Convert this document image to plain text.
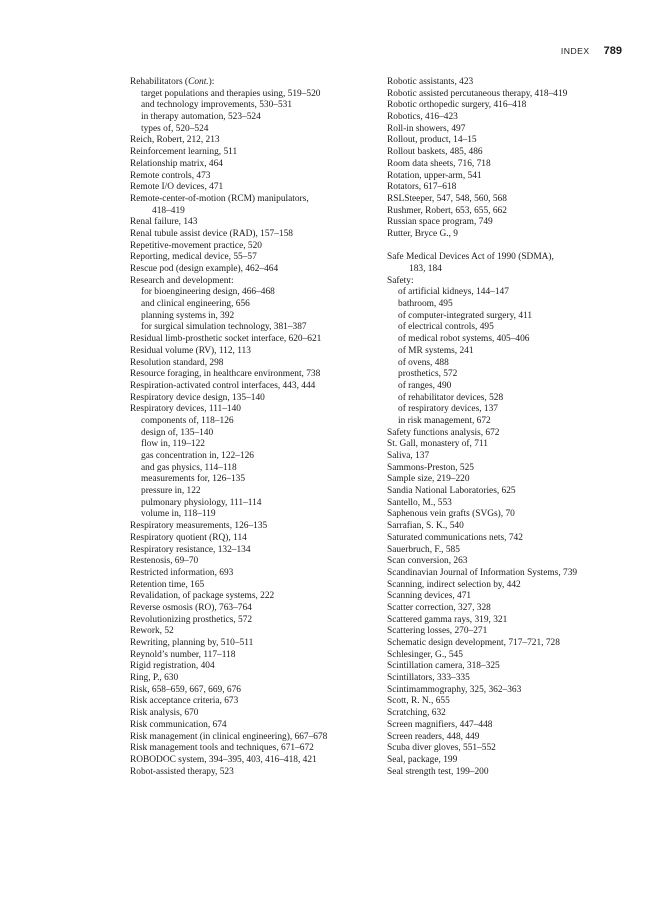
INDEX 789
Rehabilitators (Cont.):
target populations and therapies using, 519–520
and technology improvements, 530–531
in therapy automation, 523–524
types of, 520–524
Reich, Robert, 212, 213
Reinforcement learning, 511
Relationship matrix, 464
Remote controls, 473
Remote I/O devices, 471
Remote-center-of-motion (RCM) manipulators,
418–419
Renal failure, 143
Renal tubule assist device (RAD), 157–158
Repetitive-movement practice, 520
Reporting, medical device, 55–57
Rescue pod (design example), 462–464
Research and development:
for bioengineering design, 466–468
and clinical engineering, 656
planning systems in, 392
for surgical simulation technology, 381–387
Residual limb-prosthetic socket interface, 620–621
Residual volume (RV), 112, 113
Resolution standard, 298
Resource foraging, in healthcare environment, 738
Respiration-activated control interfaces, 443, 444
Respiratory device design, 135–140
Respiratory devices, 111–140
components of, 118–126
design of, 135–140
flow in, 119–122
gas concentration in, 122–126
and gas physics, 114–118
measurements for, 126–135
pressure in, 122
pulmonary physiology, 111–114
volume in, 118–119
Respiratory measurements, 126–135
Respiratory quotient (RQ), 114
Respiratory resistance, 132–134
Restenosis, 69–70
Restricted information, 693
Retention time, 165
Revalidation, of package systems, 222
Reverse osmosis (RO), 763–764
Revolutionizing prosthetics, 572
Rework, 52
Rewriting, planning by, 510–511
Reynold’s number, 117–118
Rigid registration, 404
Ring, P., 630
Risk, 658–659, 667, 669, 676
Risk acceptance criteria, 673
Risk analysis, 670
Risk communication, 674
Risk management (in clinical engineering), 667–678
Risk management tools and techniques, 671–672
ROBODOC system, 394–395, 403, 416–418, 421
Robot-assisted therapy, 523
Robotic assistants, 423
Robotic assisted percutaneous therapy, 418–419
Robotic orthopedic surgery, 416–418
Robotics, 416–423
Roll-in showers, 497
Rollout, product, 14–15
Rollout baskets, 485, 486
Room data sheets, 716, 718
Rotation, upper-arm, 541
Rotators, 617–618
RSLSteeper, 547, 548, 560, 568
Rushmer, Robert, 653, 655, 662
Russian space program, 749
Rutter, Bryce G., 9
Safe Medical Devices Act of 1990 (SDMA),
183, 184
Safety:
of artificial kidneys, 144–147
bathroom, 495
of computer-integrated surgery, 411
of electrical controls, 495
of medical robot systems, 405–406
of MR systems, 241
of ovens, 488
prosthetics, 572
of ranges, 490
of rehabilitator devices, 528
of respiratory devices, 137
in risk management, 672
Safety functions analysis, 672
St. Gall, monastery of, 711
Saliva, 137
Sammons-Preston, 525
Sample size, 219–220
Sandia National Laboratories, 625
Santello, M., 553
Saphenous vein grafts (SVGs), 70
Sarrafian, S. K., 540
Saturated communications nets, 742
Sauerbruch, F., 585
Scan conversion, 263
Scandinavian Journal of Information Systems, 739
Scanning, indirect selection by, 442
Scanning devices, 471
Scatter correction, 327, 328
Scattered gamma rays, 319, 321
Scattering losses, 270–271
Schematic design development, 717–721, 728
Schlesinger, G., 545
Scintillation camera, 318–325
Scintillators, 333–335
Scintimammography, 325, 362–363
Scott, R. N., 655
Scratching, 632
Screen magnifiers, 447–448
Screen readers, 448, 449
Scuba diver gloves, 551–552
Seal, package, 199
Seal strength test, 199–200
